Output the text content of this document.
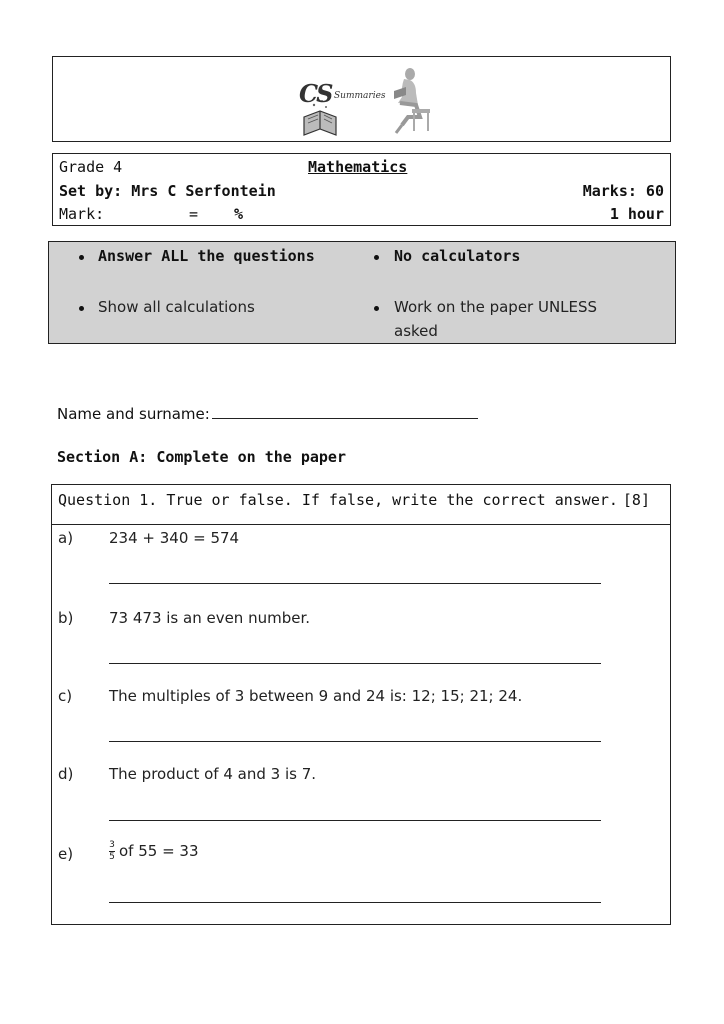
CS Summaries
Grade 4	Mathematics
Set by: Mrs C Serfontein	Marks: 60
Mark:	= %	1 hour
Answer ALL the questions	No calculators
Show all calculations	Work on the paper UNLESS
asked
Name and surname:
Section A: Complete on the paper
Question 1. True or false. If false, write the correct answer. [8]
a) 234 + 340 = 574
b) 73 473 is an even number.
c) The multiples of 3 between 9 and 24 is: 12; 15; 21; 24.
d) The product of 4 and 3 is 7.
e)	$\frac{3}{5}$ of 55 = 33
